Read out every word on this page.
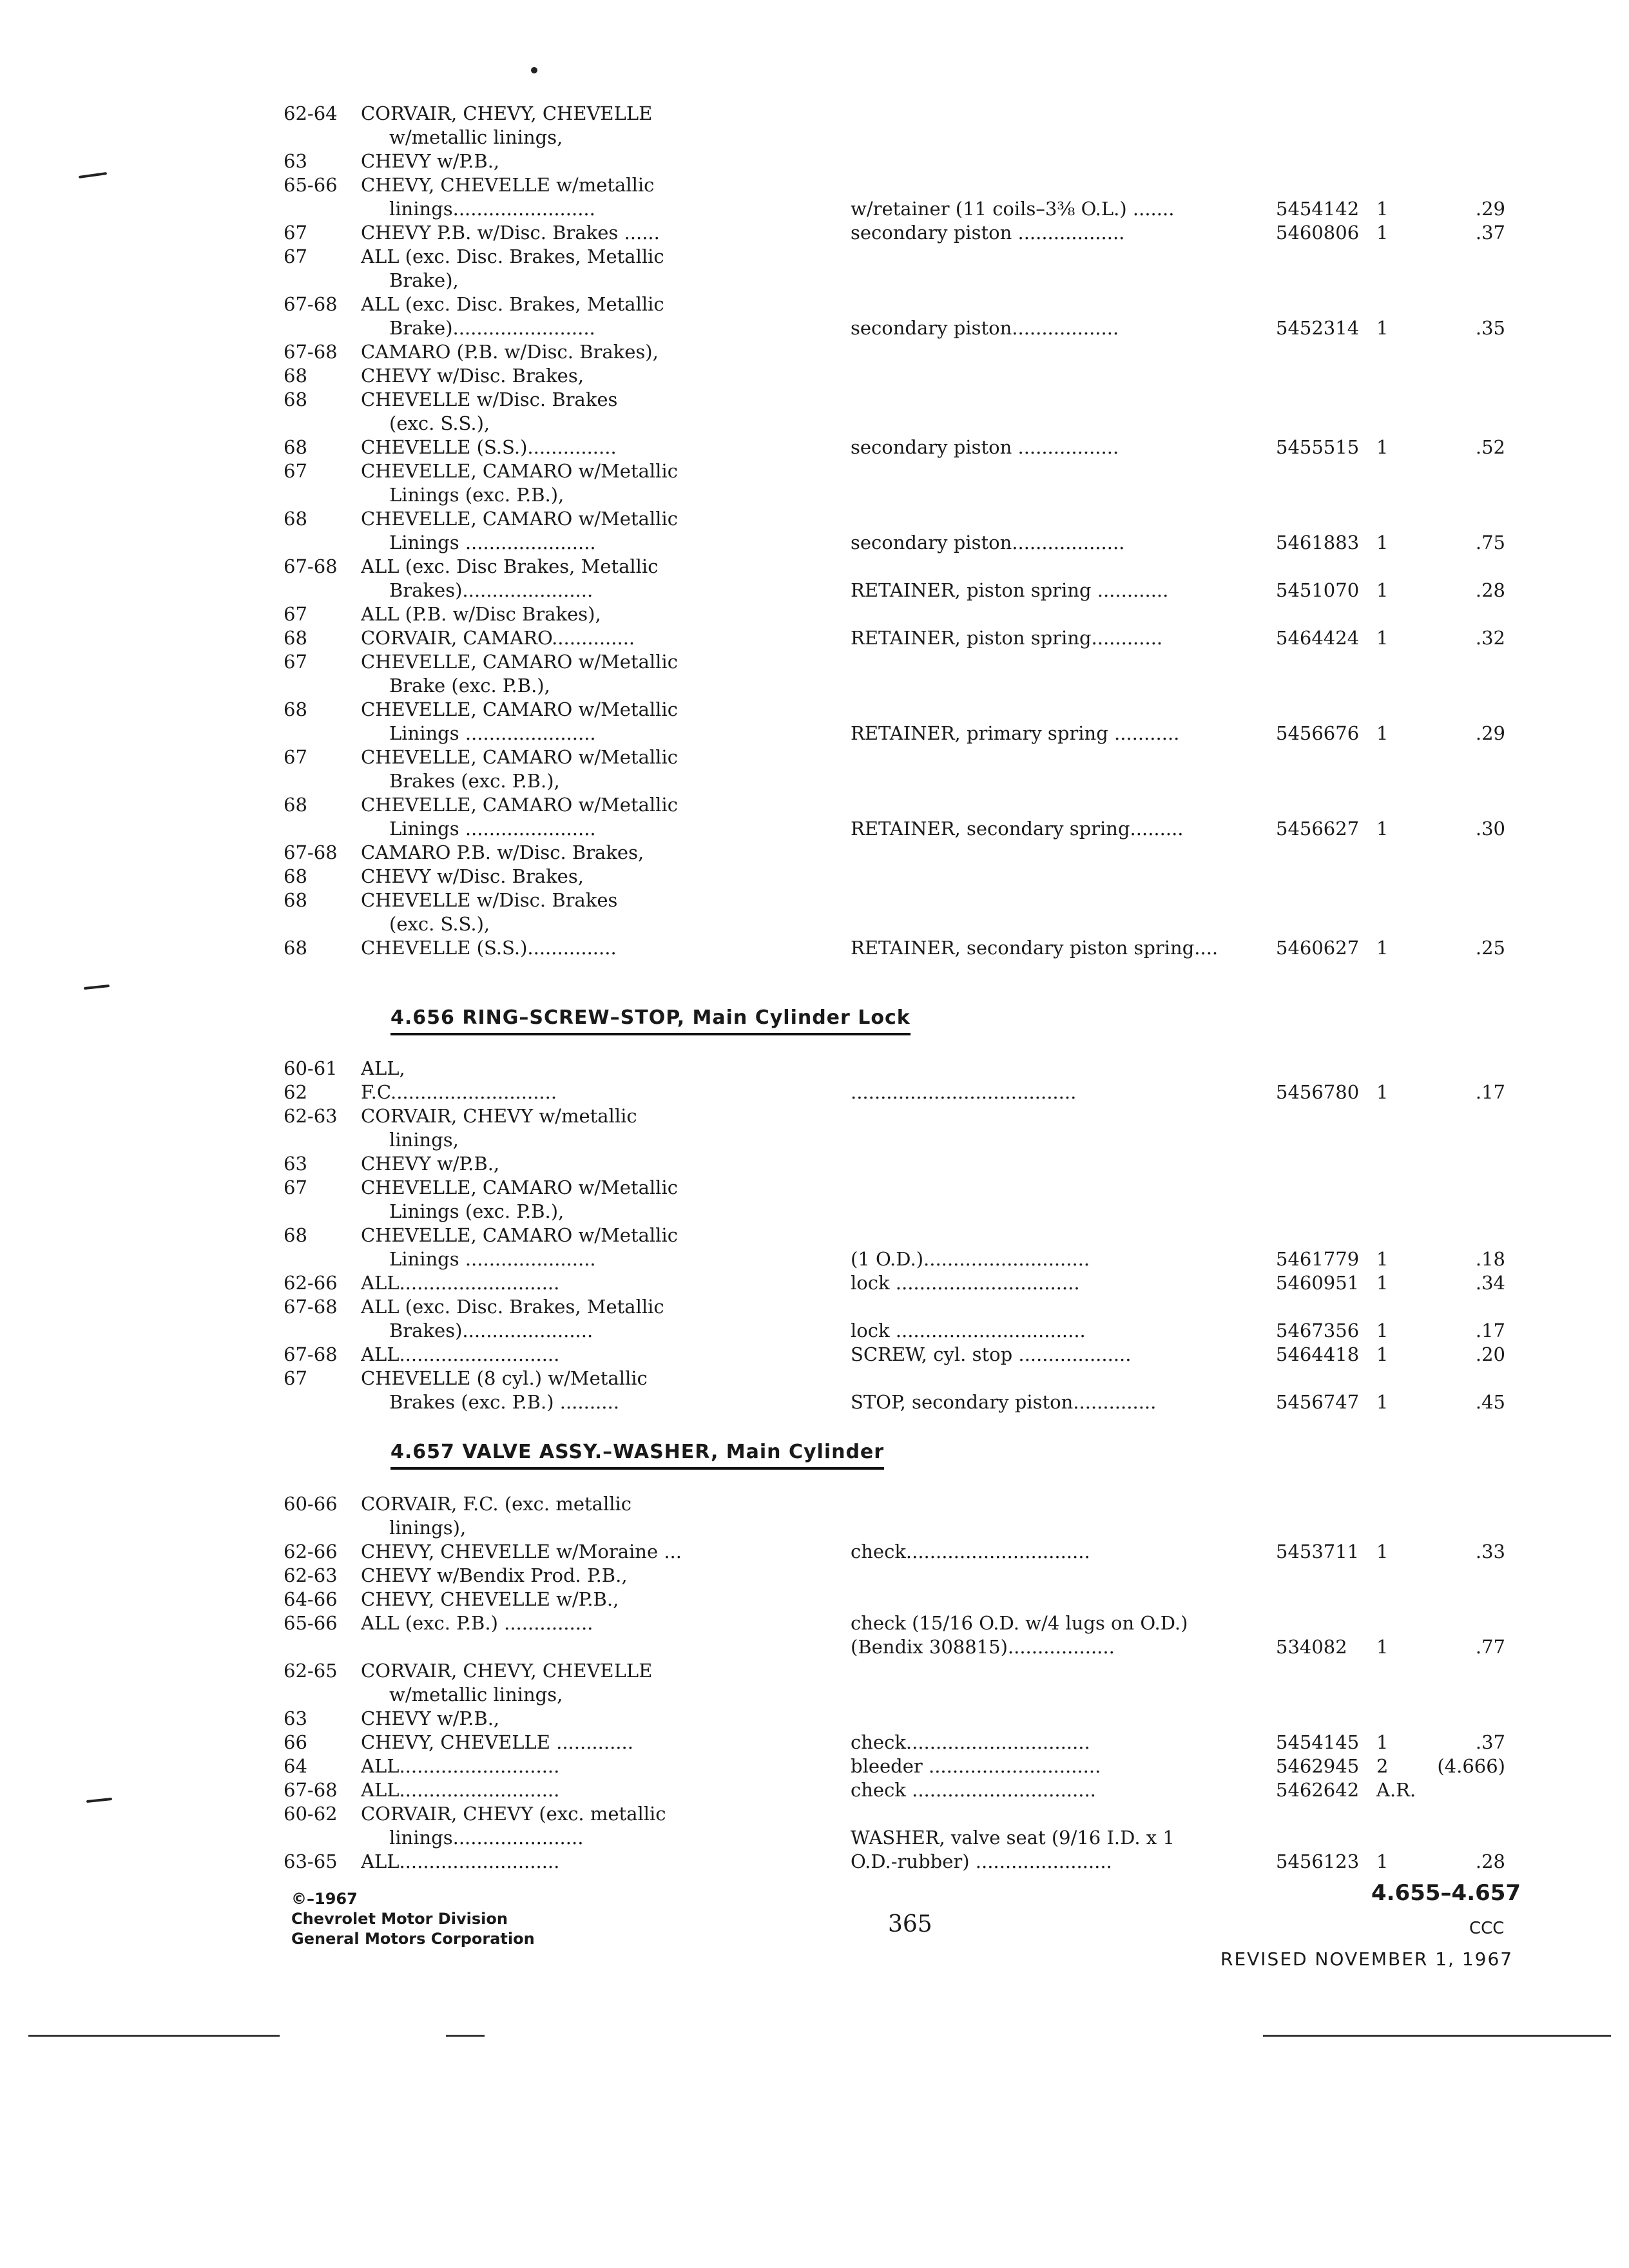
62-64	CORVAIR, CHEVY, CHEVELLE
w/metallic linings,
63	CHEVY w/P.B.,
65-66	CHEVY, CHEVELLE w/metallic
linings........................	w/retainer (11 coils–3⅜ O.L.) .......	5454142 1	.29
67	CHEVY P.B. w/Disc. Brakes ......	secondary piston ..................	5460806 1	.37
67	ALL (exc. Disc. Brakes, Metallic
Brake),
67-68	ALL (exc. Disc. Brakes, Metallic
Brake)........................	secondary piston..................	5452314 1	.35
67-68	CAMARO (P.B. w/Disc. Brakes),
68	CHEVY w/Disc. Brakes,
68	CHEVELLE w/Disc. Brakes
(exc. S.S.),
68	CHEVELLE (S.S.)...............	secondary piston .................	5455515 1	.52
67	CHEVELLE, CAMARO w/Metallic
Linings (exc. P.B.),
68	CHEVELLE, CAMARO w/Metallic
Linings ......................	secondary piston...................	5461883 1	.75
67-68	ALL (exc. Disc Brakes, Metallic
Brakes)......................	RETAINER, piston spring ............	5451070 1	.28
67	ALL (P.B. w/Disc Brakes),
68	CORVAIR, CAMARO..............	RETAINER, piston spring............	5464424 1	.32
67	CHEVELLE, CAMARO w/Metallic
Brake (exc. P.B.),
68	CHEVELLE, CAMARO w/Metallic
Linings ......................	RETAINER, primary spring ...........	5456676 1	.29
67	CHEVELLE, CAMARO w/Metallic
Brakes (exc. P.B.),
68	CHEVELLE, CAMARO w/Metallic
Linings ......................	RETAINER, secondary spring.........	5456627 1	.30
67-68	CAMARO P.B. w/Disc. Brakes,
68	CHEVY w/Disc. Brakes,
68	CHEVELLE w/Disc. Brakes
(exc. S.S.),
68	CHEVELLE (S.S.)...............	RETAINER, secondary piston spring....	5460627 1	.25
4.656 RING–SCREW–STOP, Main Cylinder Lock
60-61	ALL,
62	F.C............................	......................................	5456780 1	.17
62-63	CORVAIR, CHEVY w/metallic
linings,
63	CHEVY w/P.B.,
67	CHEVELLE, CAMARO w/Metallic
Linings (exc. P.B.),
68	CHEVELLE, CAMARO w/Metallic
Linings ......................	(1 O.D.)............................	5461779 1	.18
62-66	ALL...........................	lock ...............................	5460951 1	.34
67-68	ALL (exc. Disc. Brakes, Metallic
Brakes)......................	lock ................................	5467356 1	.17
67-68	ALL...........................	SCREW, cyl. stop ...................	5464418 1	.20
67	CHEVELLE (8 cyl.) w/Metallic
Brakes (exc. P.B.) ..........	STOP, secondary piston..............	5456747 1	.45
4.657 VALVE ASSY.–WASHER, Main Cylinder
60-66	CORVAIR, F.C. (exc. metallic
linings),
62-66	CHEVY, CHEVELLE w/Moraine ...	check...............................	5453711 1	.33
62-63	CHEVY w/Bendix Prod. P.B.,
64-66	CHEVY, CHEVELLE w/P.B.,
65-66	ALL (exc. P.B.) ...............	check (15/16 O.D. w/4 lugs on O.D.)
(Bendix 308815)..................	534082	1	.77
62-65	CORVAIR, CHEVY, CHEVELLE
w/metallic linings,
63	CHEVY w/P.B.,
66	CHEVY, CHEVELLE .............	check...............................	5454145 1	.37
64	ALL...........................	bleeder .............................	5462945 2	(4.666)
67-68	ALL...........................	check ...............................	5462642 A.R.
60-62	CORVAIR, CHEVY (exc. metallic
linings......................	WASHER, valve seat (9/16 I.D. x 1
63-65	ALL...........................	O.D.-rubber) .......................	5456123 1	.28
©–1967
Chevrolet Motor Division
General Motors Corporation
365
4.655–4.657
CCC
REVISED NOVEMBER 1, 1967
